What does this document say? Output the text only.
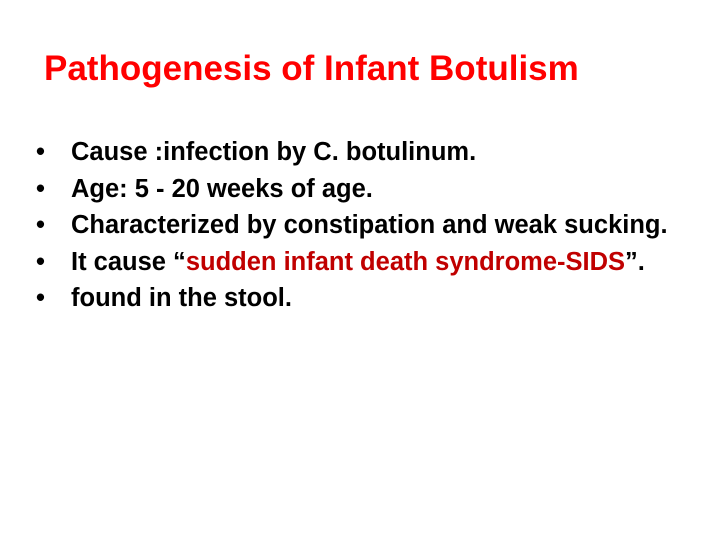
Pathogenesis of Infant Botulism
• Cause :infection by C. botulinum.
• Age: 5 - 20 weeks of age.
• Characterized by constipation and weak sucking.
• It cause “sudden infant death syndrome-SIDS”.
• found in the stool.
